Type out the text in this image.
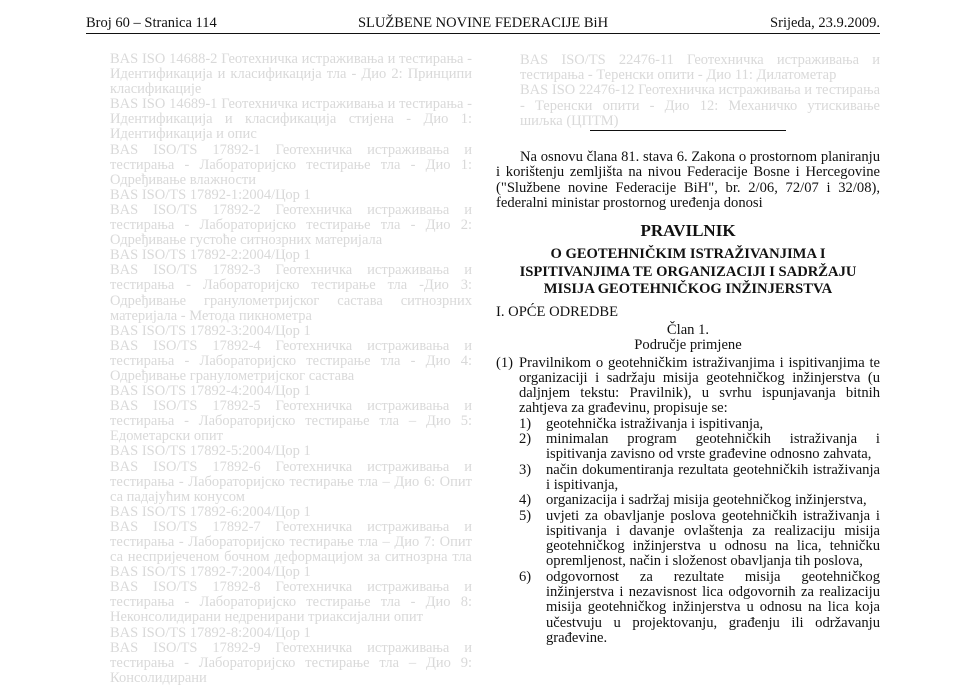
Broj 60 – Stranica 114	SLUŽBENE NOVINE FEDERACIJE BiH	Srijeda, 23.9.2009.

BAS ISO 14688-2 Геотехничка истраживања и тестирања - Идентификација и класификација тла - Дио 2: Принципи класификације

BAS ISO 14689-1 Геотехничка истраживања и тестирања - Идентификација и класификација стијена - Дио 1: Идентификација и опис

BAS ISO/TS 17892-1 Геотехничка истраживања и тестирања - Лабораторијско тестирање тла - Дио 1: Одређивање влажности

BAS ISO/TS 17892-1:2004/Цор 1

BAS ISO/TS 17892-2 Геотехничка истраживања и тестирања - Лабораторијско тестирање тла - Дио 2: Одређивање густоће ситнозрних материјала

BAS ISO/TS 17892-2:2004/Цор 1

BAS ISO/TS 17892-3 Геотехничка истраживања и тестирања - Лабораторијско тестирање тла -Дио 3: Одређивање гранулометријског састава ситнозрних материјала - Метода пикнометра

BAS ISO/TS 17892-3:2004/Цор 1

BAS ISO/TS 17892-4 Геотехничка истраживања и тестирања - Лабораторијско тестирање тла - Дио 4: Одређивање гранулометријског састава

BAS ISO/TS 17892-4:2004/Цор 1

BAS ISO/TS 17892-5 Геотехничка истраживања и тестирања - Лабораторијско тестирање тла – Дио 5: Едометарски опит

BAS ISO/TS 17892-5:2004/Цор 1

BAS ISO/TS 17892-6 Геотехничка истраживања и тестирања - Лабораторијско тестирање тла – Дио 6: Опит са падајућим конусом

BAS ISO/TS 17892-6:2004/Цор 1

BAS ISO/TS 17892-7 Геотехничка истраживања и тестирања - Лабораторијско тестирање тла – Дио 7: Опит са неспријеченом бочном деформацијом за ситнозрна тла BAS ISO/TS 17892-7:2004/Цор 1

BAS ISO/TS 17892-8 Геотехничка истраживања и тестирања - Лабораторијско тестирање тла - Дио 8: Неконсолидирани недренирани триаксијални опит

BAS ISO/TS 17892-8:2004/Цор 1

BAS ISO/TS 17892-9 Геотехничка истраживања и тестирања - Лабораторијско тестирање тла – Дио 9: Консолидирани

BAS ISO/TS 22476-11 Геотехничка истраживања и тестирања - Теренски опити - Дио 11: Дилатометар

BAS ISO 22476-12 Геотехничка истраживања и тестирања - Теренски опити - Дио 12: Механичко утискивање шиљка (ЦПТМ)

Na osnovu člana 81. stava 6. Zakona o prostornom planiranju i korištenju zemljišta na nivou Federacije Bosne i Hercegovine ("Službene novine Federacije BiH", br. 2/06, 72/07 i 32/08), federalni ministar prostornog uređenja donosi

PRAVILNIK
O GEOTEHNIČKIM ISTRAŽIVANJIMA I ISPITIVANJIMA TE ORGANIZACIJI I SADRŽAJU MISIJA GEOTEHNIČKOG INŽINJERSTVA
I. OPĆE ODREDBE
Član 1.
Područje primjene
(1) Pravilnikom o geotehničkim istraživanjima i ispitivanjima te organizaciji i sadržaju misija geotehničkog inžinjerstva (u daljnjem tekstu: Pravilnik), u svrhu ispunjavanja bitnih zahtjeva za građevinu, propisuje se:
1) geotehnička istraživanja i ispitivanja,
2) minimalan program geotehničkih istraživanja i ispitivanja zavisno od vrste građevine odnosno zahvata,
3) način dokumentiranja rezultata geotehničkih istraživanja i ispitivanja,
4) organizacija i sadržaj misija geotehničkog inžinjerstva,
5) uvjeti za obavljanje poslova geotehničkih istraživanja i ispitivanja i davanje ovlaštenja za realizaciju misija geotehničkog inžinjerstva u odnosu na lica, tehničku opremljenost, način i složenost obavljanja tih poslova,
6) odgovornost za rezultate misija geotehničkog inžinjerstva i nezavisnost lica odgovornih za realizaciju misija geotehničkog inžinjerstva u odnosu na lica koja učestvuju u projektovanju, građenju ili održavanju građevine.
